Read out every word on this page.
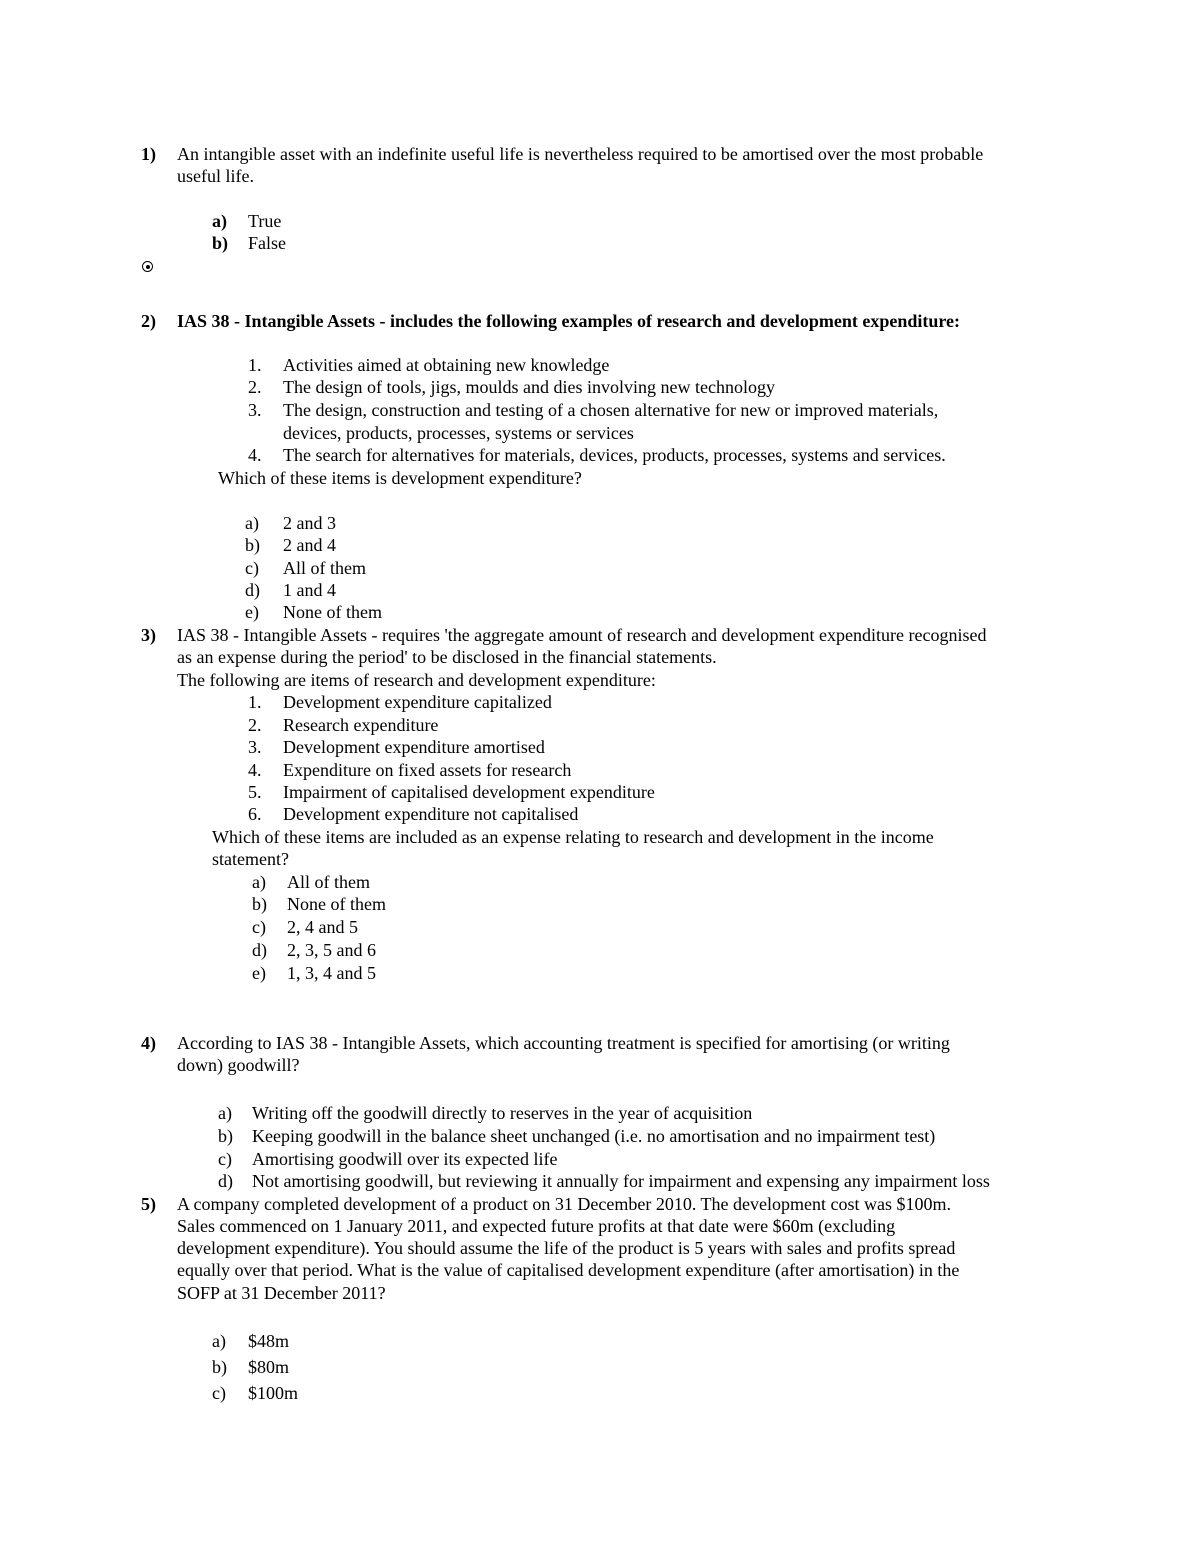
1) An intangible asset with an indefinite useful life is nevertheless required to be amortised over the most probable
useful life.
a) True
b) False
2) IAS 38 - Intangible Assets - includes the following examples of research and development expenditure:
1. Activities aimed at obtaining new knowledge
2. The design of tools, jigs, moulds and dies involving new technology
3. The design, construction and testing of a chosen alternative for new or improved materials,
devices, products, processes, systems or services
4. The search for alternatives for materials, devices, products, processes, systems and services.
Which of these items is development expenditure?
a) 2 and 3
b) 2 and 4
c) All of them
d) 1 and 4
e) None of them
3) IAS 38 - Intangible Assets - requires 'the aggregate amount of research and development expenditure recognised
as an expense during the period' to be disclosed in the financial statements.
The following are items of research and development expenditure:
1. Development expenditure capitalized
2. Research expenditure
3. Development expenditure amortised
4. Expenditure on fixed assets for research
5. Impairment of capitalised development expenditure
6. Development expenditure not capitalised
Which of these items are included as an expense relating to research and development in the income
statement?
a) All of them
b) None of them
c) 2, 4 and 5
d) 2, 3, 5 and 6
e) 1, 3, 4 and 5
4) According to IAS 38 - Intangible Assets, which accounting treatment is specified for amortising (or writing
down) goodwill?
a) Writing off the goodwill directly to reserves in the year of acquisition
b) Keeping goodwill in the balance sheet unchanged (i.e. no amortisation and no impairment test)
c) Amortising goodwill over its expected life
d) Not amortising goodwill, but reviewing it annually for impairment and expensing any impairment loss
5) A company completed development of a product on 31 December 2010. The development cost was $100m.
Sales commenced on 1 January 2011, and expected future profits at that date were $60m (excluding
development expenditure). You should assume the life of the product is 5 years with sales and profits spread
equally over that period. What is the value of capitalised development expenditure (after amortisation) in the
SOFP at 31 December 2011?
a) $48m
b) $80m
c) $100m
